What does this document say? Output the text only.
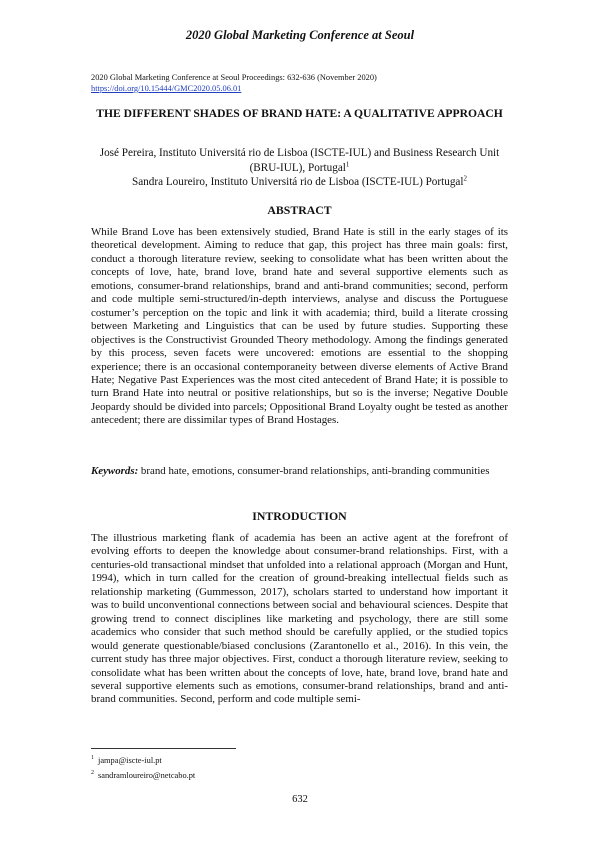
2020 Global Marketing Conference at Seoul
2020 Global Marketing Conference at Seoul Proceedings: 632-636 (November 2020)
https://doi.org/10.15444/GMC2020.05.06.01
THE DIFFERENT SHADES OF BRAND HATE: A QUALITATIVE APPROACH
José Pereira, Instituto Universitá rio de Lisboa (ISCTE-IUL) and Business Research Unit (BRU-IUL), Portugal$^1$
Sandra Loureiro, Instituto Universitá rio de Lisboa (ISCTE-IUL) Portugal$^2$
ABSTRACT
While Brand Love has been extensively studied, Brand Hate is still in the early stages of its theoretical development. Aiming to reduce that gap, this project has three main goals: first, conduct a thorough literature review, seeking to consolidate what has been written about the concepts of love, hate, brand love, brand hate and several supportive elements such as emotions, consumer-brand relationships, brand and anti-brand communities; second, perform and code multiple semi-structured/in-depth interviews, analyse and discuss the Portuguese costumer’s perception on the topic and link it with academia; third, build a literate crossing between Marketing and Linguistics that can be used by future studies. Supporting these objectives is the Constructivist Grounded Theory methodology. Among the findings generated by this process, seven facets were uncovered: emotions are essential to the shopping experience; there is an occasional contemporaneity between diverse elements of Active Brand Hate; Negative Past Experiences was the most cited antecedent of Brand Hate; it is possible to turn Brand Hate into neutral or positive relationships, but so is the inverse; Negative Double Jeopardy should be divided into parcels; Oppositional Brand Loyalty ought be tested as another antecedent; there are dissimilar types of Brand Hostages.
Keywords: brand hate, emotions, consumer-brand relationships, anti-branding communities
INTRODUCTION
The illustrious marketing flank of academia has been an active agent at the forefront of evolving efforts to deepen the knowledge about consumer-brand relationships. First, with a centuries-old transactional mindset that unfolded into a relational approach (Morgan and Hunt, 1994), which in turn called for the creation of ground-breaking intellectual fields such as relationship marketing (Gummesson, 2017), scholars started to understand how important it was to build unconventional connections between social and behavioural sciences. Despite that growing trend to connect disciplines like marketing and psychology, there are still some academics who consider that such method should be carefully applied, or the studied topics would generate questionable/biased conclusions (Zarantonello et al., 2016). In this vein, the current study has three major objectives. First, conduct a thorough literature review, seeking to consolidate what has been written about the concepts of love, hate, brand love, brand hate and several supportive elements such as emotions, consumer-brand relationships, brand and anti-brand communities. Second, perform and code multiple semi-
$^1$ jampa@iscte-iul.pt
$^2$ sandramloureiro@netcabo.pt
632
